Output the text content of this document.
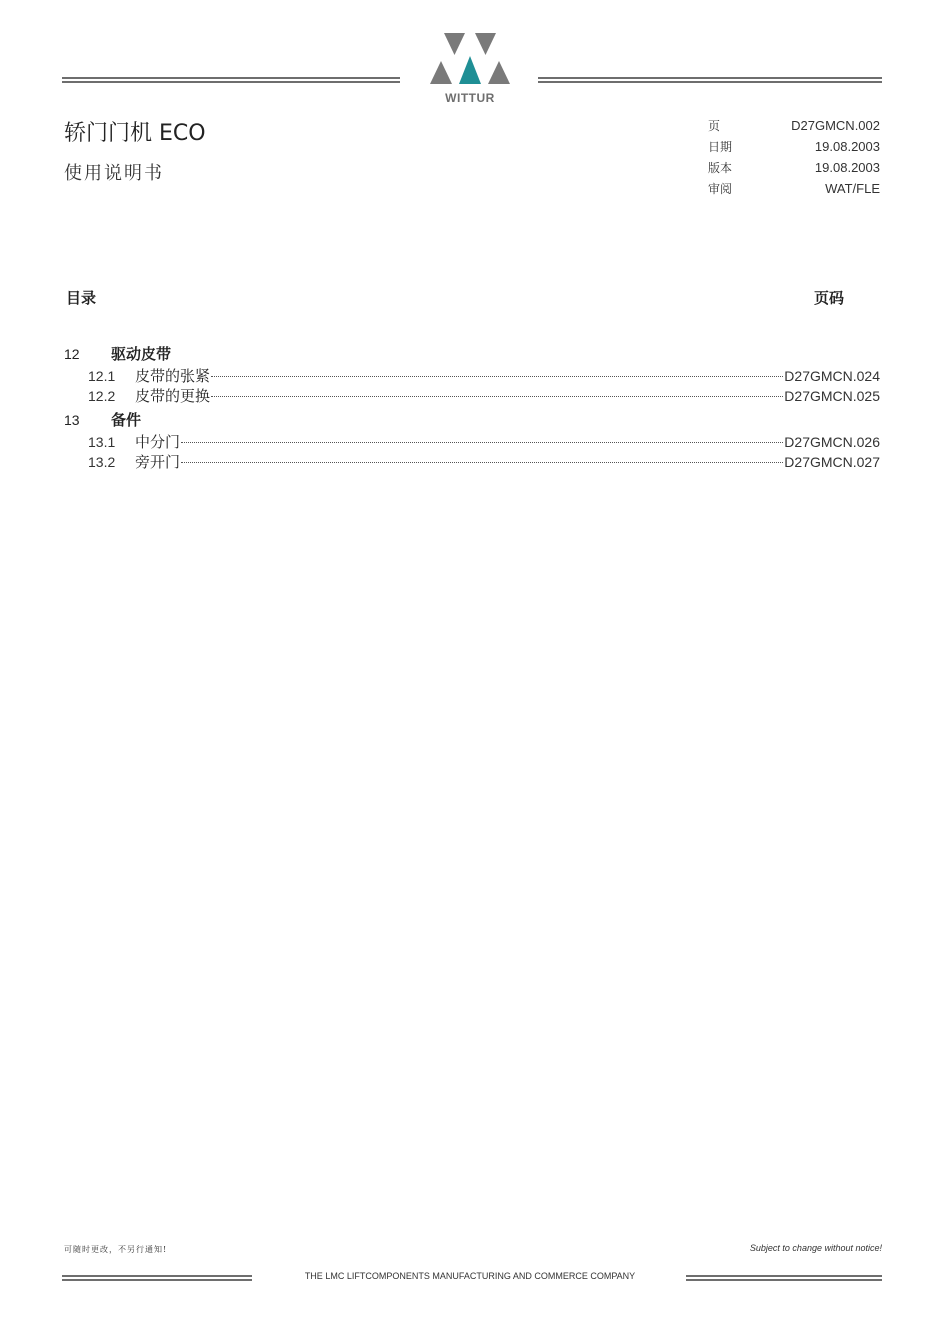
WITTUR
轿门门机 ECO
使用说明书
页	D27GMCN.002
日期	19.08.2003
版本	19.08.2003
审阅	WAT/FLE
目录	页码
12	驱动皮带
12.1	皮带的张紧	D27GMCN.024
12.2	皮带的更换	D27GMCN.025
13	备件
13.1	中分门	D27GMCN.026
13.2	旁开门	D27GMCN.027
可随时更改，不另行通知!	Subject to change without notice!
THE LMC LIFTCOMPONENTS MANUFACTURING AND COMMERCE COMPANY
